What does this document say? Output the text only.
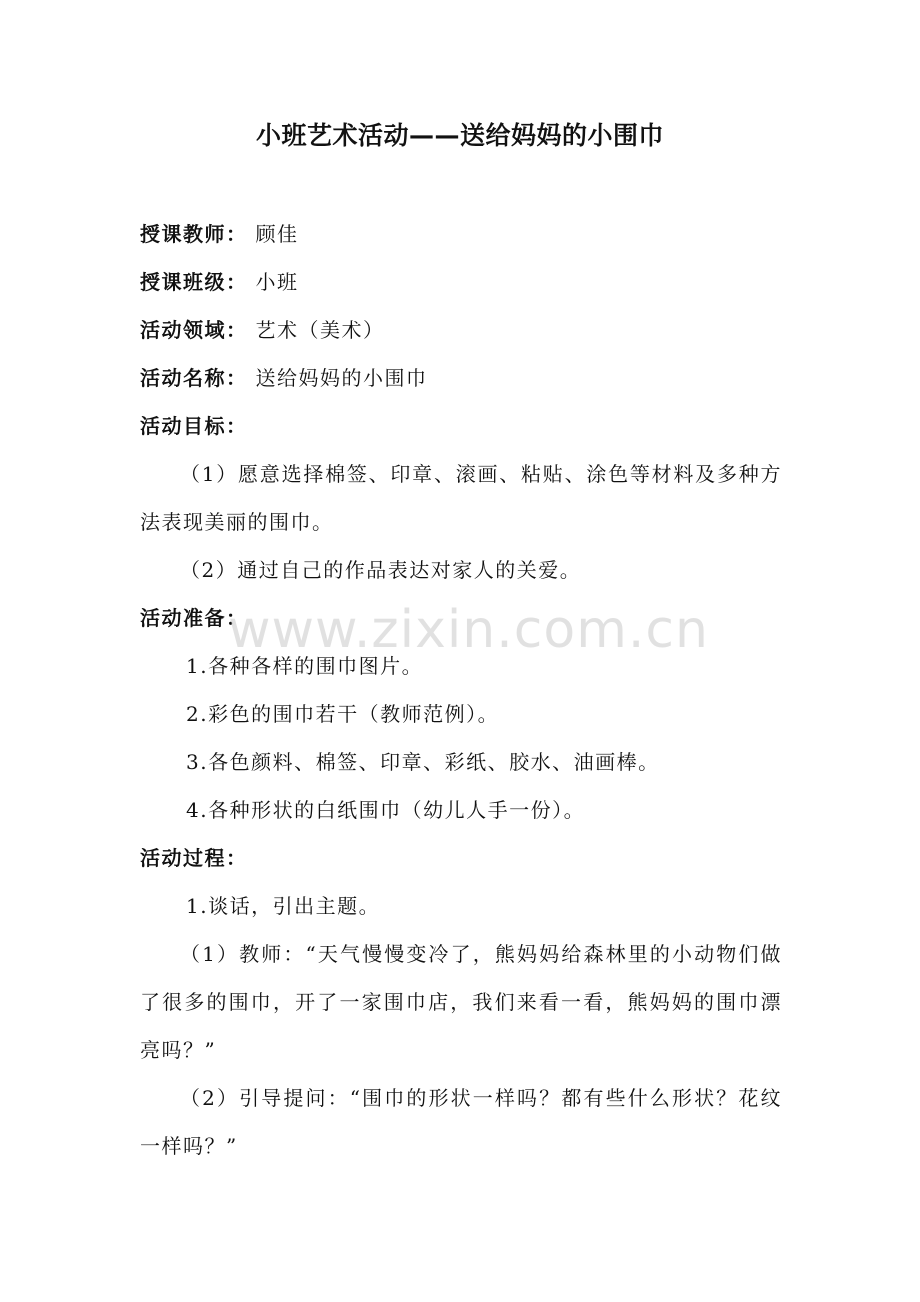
小班艺术活动——送给妈妈的小围巾

授课教师： 顾佳

授课班级： 小班

活动领域： 艺术（美术）

活动名称： 送给妈妈的小围巾

活动目标：

（1）愿意选择棉签、印章、滚画、粘贴、涂色等材料及多种方法表现美丽的围巾。

（2）通过自己的作品表达对家人的关爱。

活动准备：

1.各种各样的围巾图片。

2.彩色的围巾若干（教师范例）。

3.各色颜料、棉签、印章、彩纸、胶水、油画棒。

4.各种形状的白纸围巾（幼儿人手一份）。

活动过程：

1.谈话，引出主题。

（1）教师：“天气慢慢变冷了，熊妈妈给森林里的小动物们做了很多的围巾，开了一家围巾店，我们来看一看，熊妈妈的围巾漂亮吗？”

（2）引导提问：“围巾的形状一样吗？都有些什么形状？花纹一样吗？”

www.zixin.com.cn
